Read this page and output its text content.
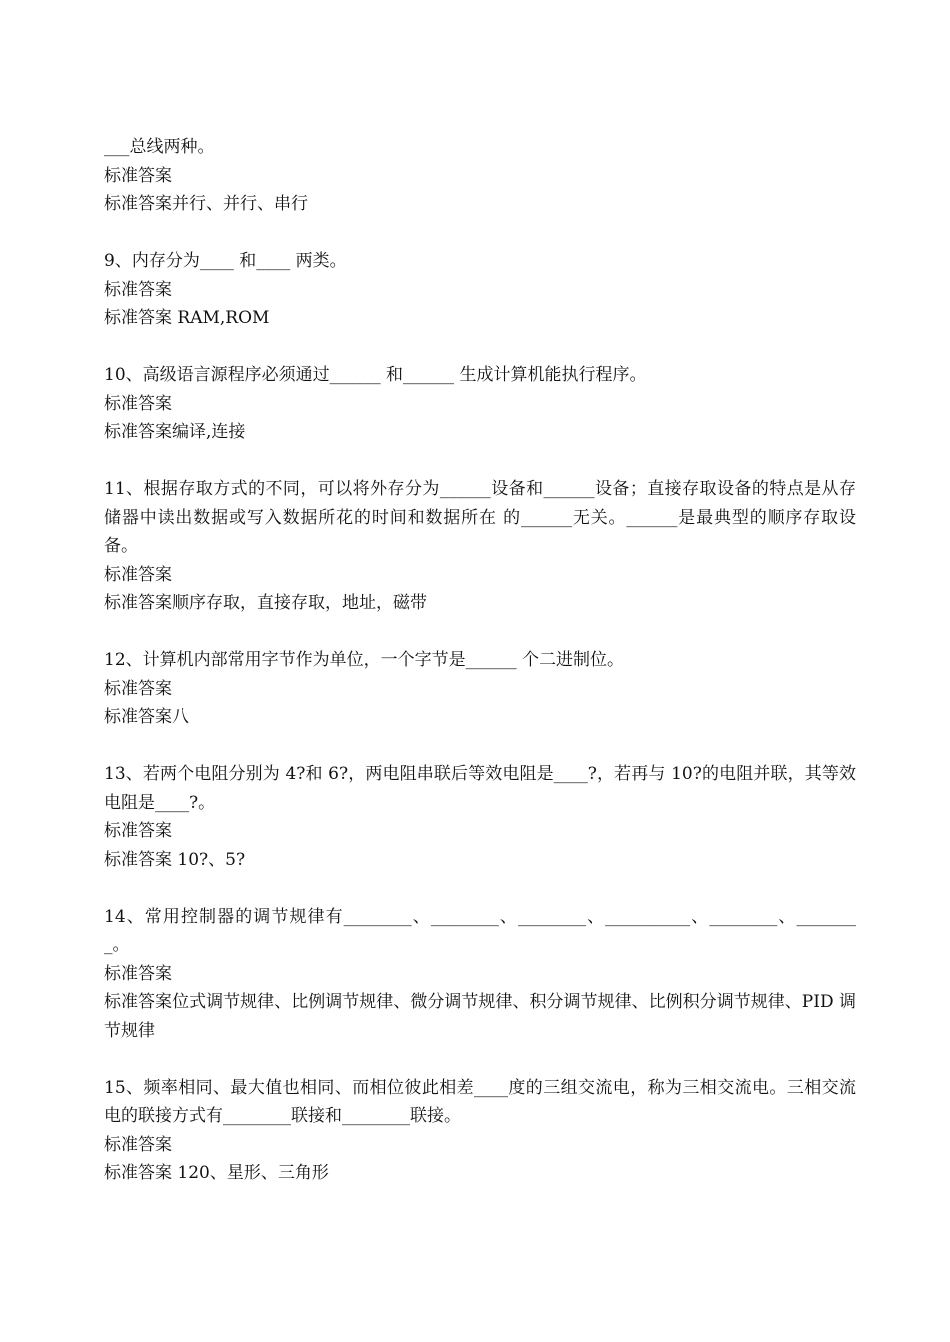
___总线两种。
标准答案
标准答案并行、并行、串行
9、内存分为____ 和____ 两类。
标准答案
标准答案 RAM,ROM
10、高级语言源程序必须通过______ 和______ 生成计算机能执行程序。
标准答案
标准答案编译,连接
11、根据存取方式的不同，可以将外存分为______设备和______设备；直接存取设备的特点是从存储器中读出数据或写入数据所花的时间和数据所在 的______无关。______是最典型的顺序存取设备。
标准答案
标准答案顺序存取，直接存取，地址，磁带
12、计算机内部常用字节作为单位，一个字节是______ 个二进制位。
标准答案
标准答案八
13、若两个电阻分别为 4?和 6?，两电阻串联后等效电阻是____?，若再与 10?的电阻并联，其等效电阻是____?。
标准答案
标准答案 10?、5?
14、常用控制器的调节规律有________、________、________、__________、________、________。
标准答案
标准答案位式调节规律、比例调节规律、微分调节规律、积分调节规律、比例积分调节规律、PID 调节规律
15、频率相同、最大值也相同、而相位彼此相差____度的三组交流电，称为三相交流电。三相交流电的联接方式有________联接和________联接。
标准答案
标准答案 120、星形、三角形
